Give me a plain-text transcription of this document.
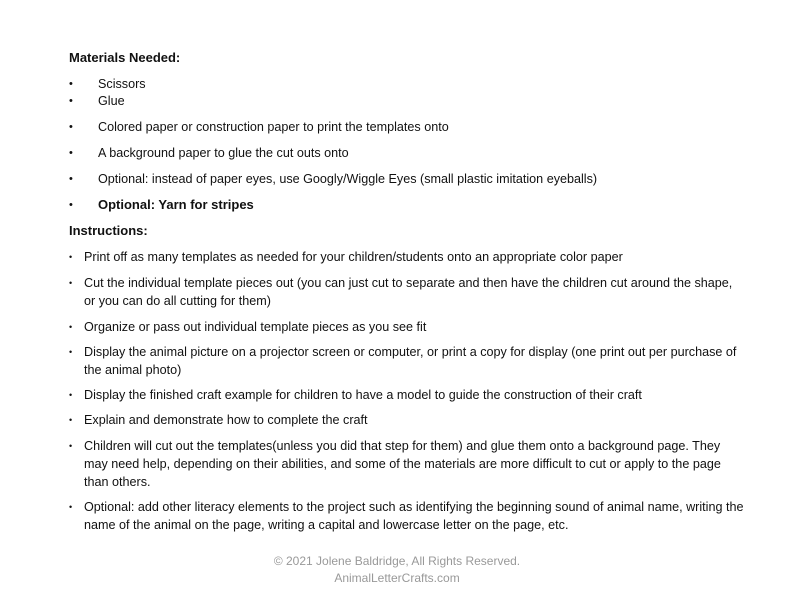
Materials Needed:
• Scissors
• Glue
• Colored paper or construction paper to print the templates onto
• A background paper to glue the cut outs onto
• Optional: instead of paper eyes, use Googly/Wiggle Eyes (small plastic imitation eyeballs)
• Optional: Yarn for stripes
Instructions:
• Print off as many templates as needed for your children/students onto an appropriate color paper
• Cut the individual template pieces out (you can just cut to separate and then have the children cut around the shape, or you can do all cutting for them)
• Organize or pass out individual template pieces as you see fit
• Display the animal picture on a projector screen or computer, or print a copy for display (one print out per purchase of the animal photo)
• Display the finished craft example for children to have a model to guide the construction of their craft
• Explain and demonstrate how to complete the craft
• Children will cut out the templates(unless you did that step for them) and glue them onto a background page. They may need help, depending on their abilities, and some of the materials are more difficult to cut or apply to the page than others.
• Optional: add other literacy elements to the project such as identifying the beginning sound of animal name, writing the name of the animal on the page, writing a capital and lowercase letter on the page, etc.
© 2021 Jolene Baldridge, All Rights Reserved.
AnimalLetterCrafts.com
